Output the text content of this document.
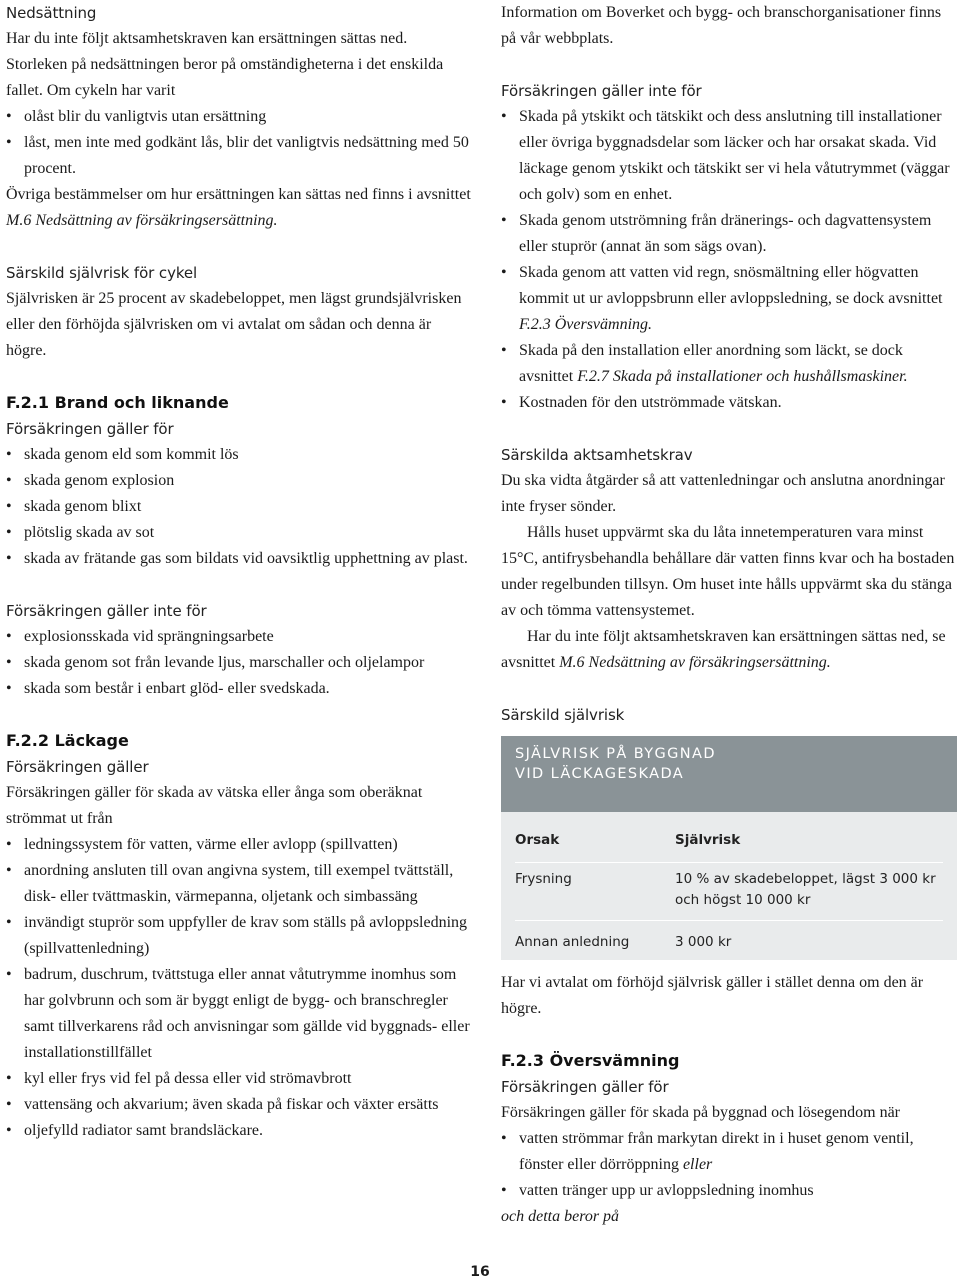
Nedsättning

Har du inte följt aktsamhetskraven kan ersättningen sättas ned. Storleken på nedsättningen beror på omständigheterna i det enskilda fallet. Om cykeln har varit

• olåst blir du vanligtvis utan ersättning
• låst, men inte med godkänt lås, blir det vanligtvis nedsättning med 50 procent.

Övriga bestämmelser om hur ersättningen kan sättas ned finns i avsnittet M.6 Nedsättning av försäkringsersättning.

Särskild självrisk för cykel

Självrisken är 25 procent av skadebeloppet, men lägst grundsjälvrisken eller den förhöjda självrisken om vi avtalat om sådan och denna är högre.

F.2.1 Brand och liknande
Försäkringen gäller för
• skada genom eld som kommit lös
• skada genom explosion
• skada genom blixt
• plötslig skada av sot
• skada av frätande gas som bildats vid oavsiktlig upphettning av plast.
Försäkringen gäller inte för
• explosionsskada vid sprängningsarbete
• skada genom sot från levande ljus, marschaller och oljelampor
• skada som består i enbart glöd- eller svedskada.
F.2.2 Läckage
Försäkringen gäller

Försäkringen gäller för skada av vätska eller ånga som oberäknat strömmat ut från

• ledningssystem för vatten, värme eller avlopp (spillvatten)
• anordning ansluten till ovan angivna system, till exempel tvättställ, disk- eller tvättmaskin, värmepanna, oljetank och simbassäng
• invändigt stuprör som uppfyller de krav som ställs på avloppsledning (spillvattenledning)
• badrum, duschrum, tvättstuga eller annat våtutrymme inomhus som har golvbrunn och som är byggt enligt de bygg- och branschregler samt tillverkarens råd och anvisningar som gällde vid byggnads- eller installationstillfället
• kyl eller frys vid fel på dessa eller vid strömavbrott
• vattensäng och akvarium; även skada på fiskar och växter ersätts
• oljefylld radiator samt brandsläckare.

Information om Boverket och bygg- och branschorganisationer finns på vår webbplats.

Försäkringen gäller inte för
• Skada på ytskikt och tätskikt och dess anslutning till installationer eller övriga byggnadsdelar som läcker och har orsakat skada. Vid läckage genom ytskikt och tätskikt ser vi hela våtutrymmet (väggar och golv) som en enhet.
• Skada genom utströmning från dränerings- och dagvattensystem eller stuprör (annat än som sägs ovan).
• Skada genom att vatten vid regn, snösmältning eller högvatten kommit ut ur avloppsbrunn eller avloppsledning, se dock avsnittet F.2.3 Översvämning.
• Skada på den installation eller anordning som läckt, se dock avsnittet F.2.7 Skada på installationer och hushållsmaskiner.
• Kostnaden för den utströmmade vätskan.
Särskilda aktsamhetskrav

Du ska vidta åtgärder så att vattenledningar och anslutna anordningar inte fryser sönder.

Hålls huset uppvärmt ska du låta innetemperaturen vara minst 15°C, antifrysbehandla behållare där vatten finns kvar och ha bostaden under regelbunden tillsyn. Om huset inte hålls uppvärmt ska du stänga av och tömma vattensystemet.

Har du inte följt aktsamhetskraven kan ersättningen sättas ned, se avsnittet M.6 Nedsättning av försäkringsersättning.

Särskild självrisk
SJÄLVRISK PÅ BYGGNAD
VID LÄCKAGESKADA
Orsak	Självrisk
Frysning	10 % av skadebeloppet, lägst 3 000 kr
och högst 10 000 kr
Annan anledning	3 000 kr

Har vi avtalat om förhöjd självrisk gäller i stället denna om den är högre.

F.2.3 Översvämning
Försäkringen gäller för

Försäkringen gäller för skada på byggnad och lösegendom när

• vatten strömmar från markytan direkt in i huset genom ventil, fönster eller dörröppning eller
• vatten tränger upp ur avloppsledning inomhus

och detta beror på

16
